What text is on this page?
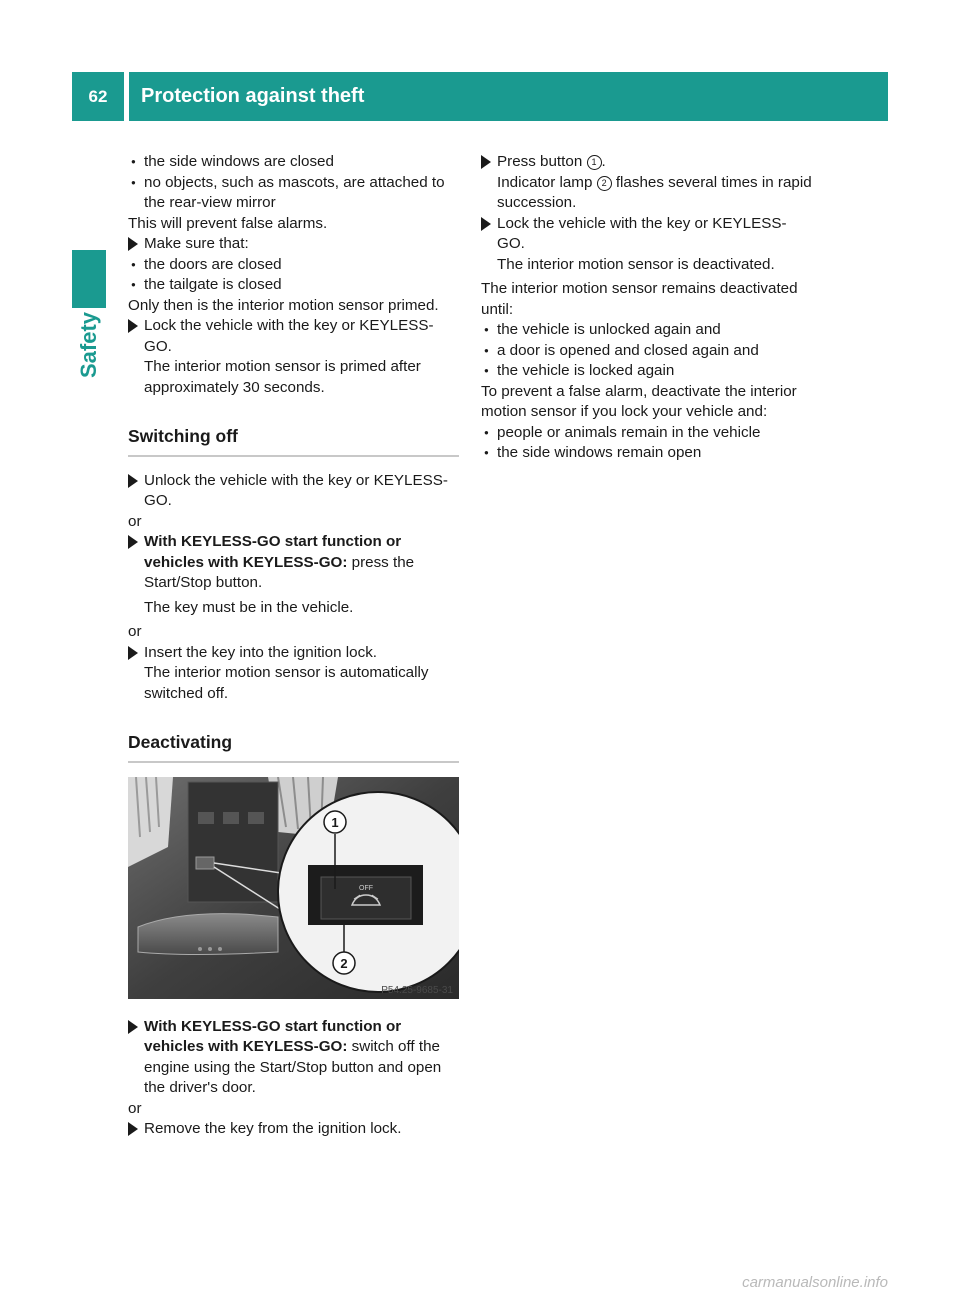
62	Protection against theft
Safety

● the side windows are closed

● no objects, such as mascots, are attached to the rear-view mirror

This will prevent false alarms.

Make sure that:

● the doors are closed

● the tailgate is closed

Only then is the interior motion sensor primed.

Lock the vehicle with the key or KEYLESS-GO.
The interior motion sensor is primed after approximately 30 seconds.

Switching off

Unlock the vehicle with the key or KEYLESS-GO.

or

With KEYLESS-GO start function or vehicles with KEYLESS-GO: press the Start/Stop button.

The key must be in the vehicle.

or

Insert the key into the ignition lock.
The interior motion sensor is automatically switched off.

Deactivating
OFF
1
2
P54.25-9685-31

With KEYLESS-GO start function or vehicles with KEYLESS-GO: switch off the engine using the Start/Stop button and open the driver's door.

or

Remove the key from the ignition lock.

Press button 1 .
Indicator lamp 2 flashes several times in rapid succession.

Lock the vehicle with the key or KEYLESS-GO.
The interior motion sensor is deactivated.

The interior motion sensor remains deactivated until:

● the vehicle is unlocked again and

● a door is opened and closed again and

● the vehicle is locked again

To prevent a false alarm, deactivate the interior motion sensor if you lock your vehicle and:

● people or animals remain in the vehicle

● the side windows remain open

carmanualsonline.info
